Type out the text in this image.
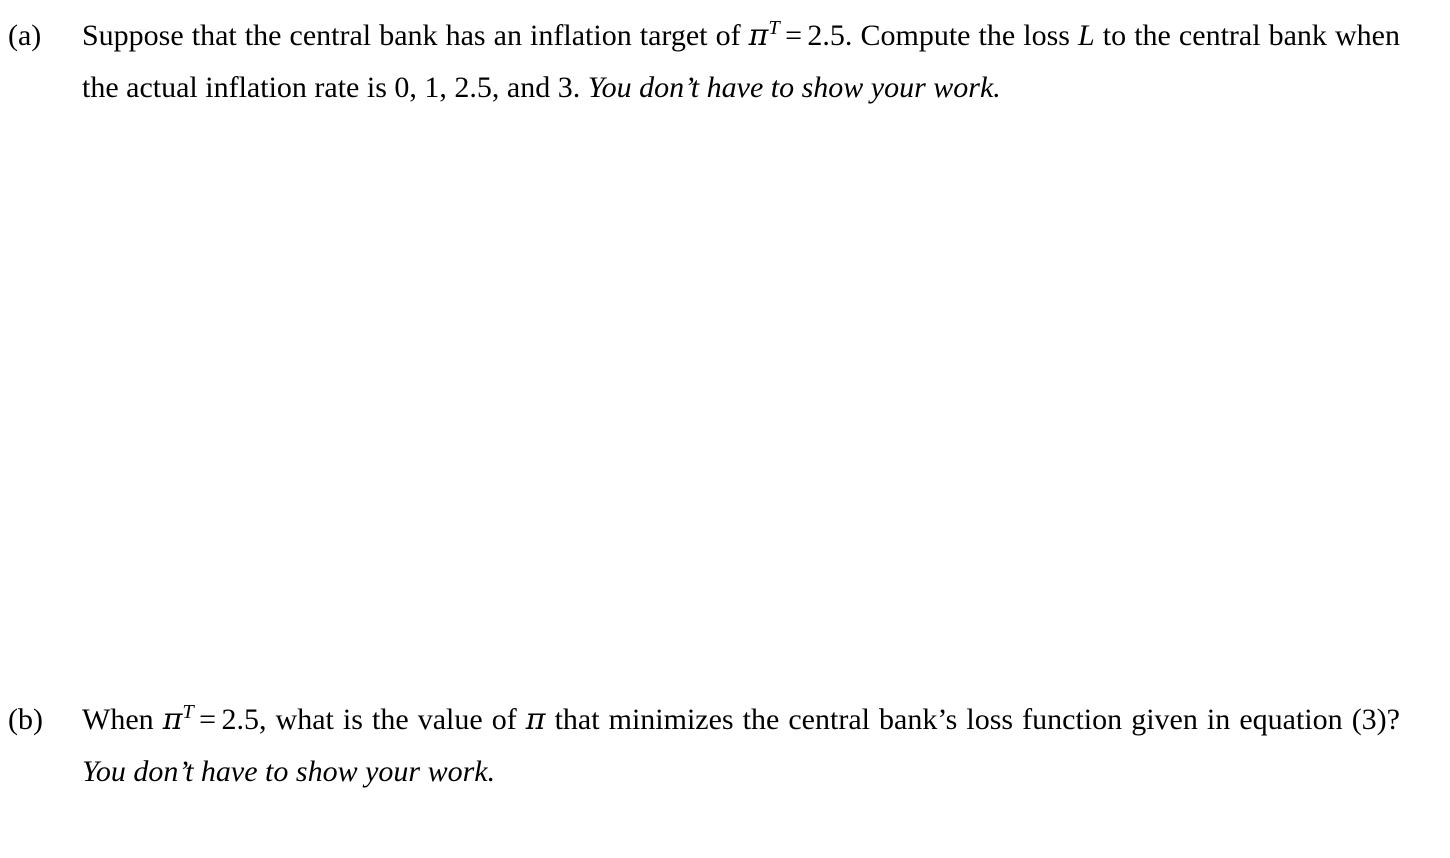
(a)	Suppose that the central bank has an inflation target of $\pi^T = 2.5$. Compute the loss L to the central bank when the actual inflation rate is 0, 1, 2.5, and 3. You don’t have to show your work.

(b)	When $\pi^T = 2.5$, what is the value of π that minimizes the central bank’s loss function given in equation (3)? You don’t have to show your work.
